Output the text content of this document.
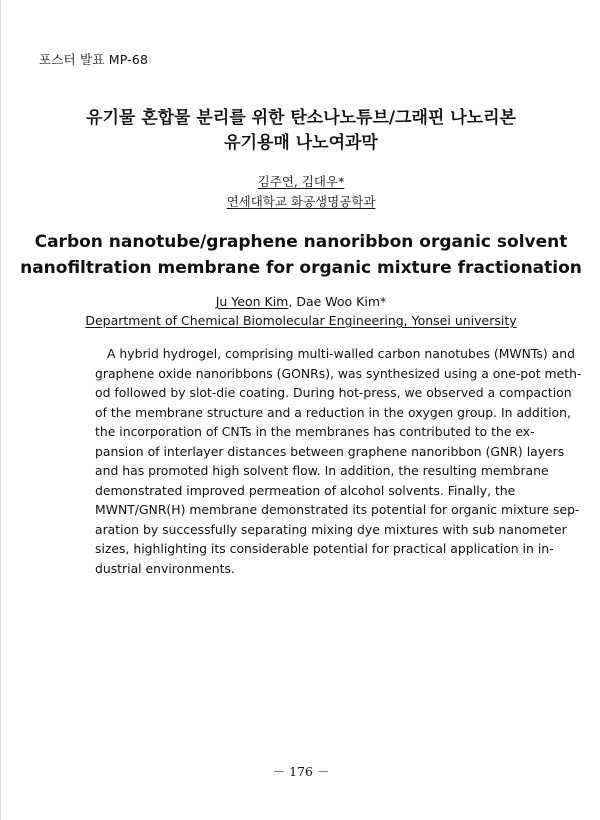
포스터 발표 MP-68
유기물 혼합물 분리를 위한 탄소나노튜브/그래핀 나노리본
유기용매 나노여과막
김주연, 김대우*
연세대학교 화공생명공학과
Carbon nanotube/graphene nanoribbon organic solvent
nanofiltration membrane for organic mixture fractionation
Ju Yeon Kim, Dae Woo Kim*
Department of Chemical Biomolecular Engineering, Yonsei university

A hybrid hydrogel, comprising multi-walled carbon nanotubes (MWNTs) and
graphene oxide nanoribbons (GONRs), was synthesized using a one-pot meth-
od followed by slot-die coating. During hot-press, we observed a compaction
of the membrane structure and a reduction in the oxygen group. In addition,
the incorporation of CNTs in the membranes has contributed to the ex-
pansion of interlayer distances between graphene nanoribbon (GNR) layers
and has promoted high solvent flow. In addition, the resulting membrane
demonstrated improved permeation of alcohol solvents. Finally, the
MWNT/GNR(H) membrane demonstrated its potential for organic mixture sep-
aration by successfully separating mixing dye mixtures with sub nanometer
sizes, highlighting its considerable potential for practical application in in-
dustrial environments.

－ 176 －
